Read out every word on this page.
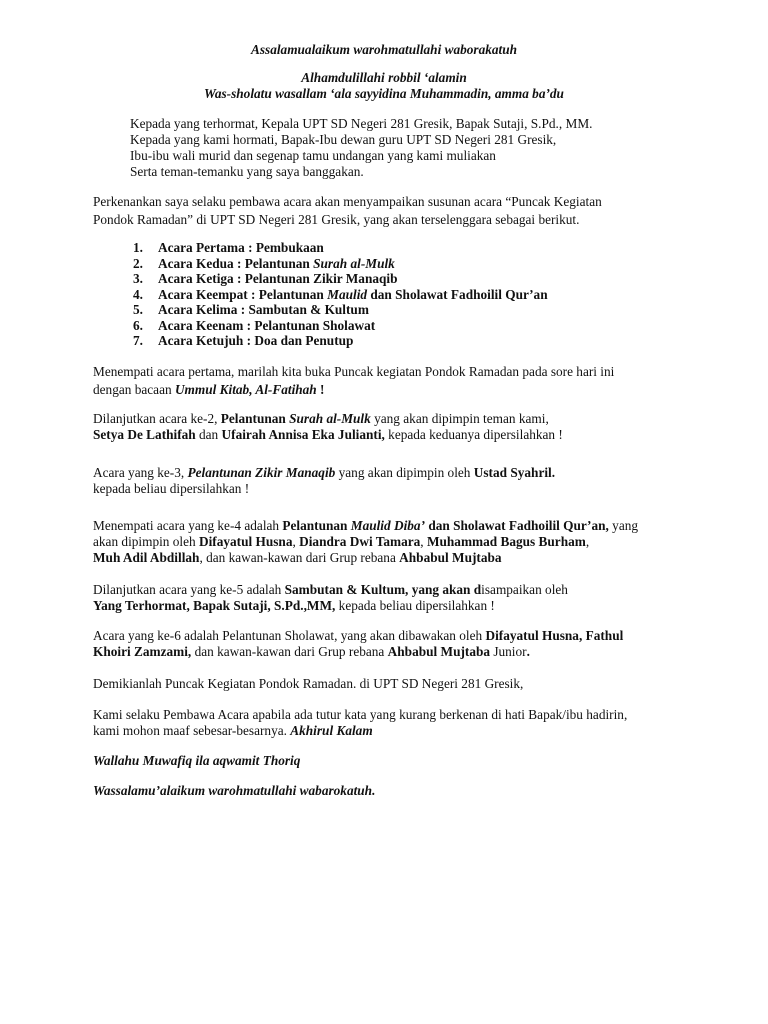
Assalamualaikum warohmatullahi waborakatuh
Alhamdulillahi robbil ‘alamin
Was-sholatu wasallam ‘ala sayyidina Muhammadin, amma ba’du
Kepada yang terhormat, Kepala UPT SD Negeri 281 Gresik, Bapak Sutaji, S.Pd., MM.
Kepada yang kami hormati, Bapak-Ibu dewan guru UPT SD Negeri 281 Gresik,
Ibu-ibu wali murid dan segenap tamu undangan yang kami muliakan
Serta teman-temanku yang saya banggakan.
Perkenankan saya selaku pembawa acara akan menyampaikan susunan acara “Puncak Kegiatan
Pondok Ramadan” di UPT SD Negeri 281 Gresik, yang akan terselenggara sebagai berikut.
1. Acara Pertama : Pembukaan
2. Acara Kedua : Pelantunan Surah al-Mulk
3. Acara Ketiga : Pelantunan Zikir Manaqib
4. Acara Keempat : Pelantunan Maulid dan Sholawat Fadhoilil Qur’an
5. Acara Kelima : Sambutan & Kultum
6. Acara Keenam : Pelantunan Sholawat
7. Acara Ketujuh : Doa dan Penutup
Menempati acara pertama, marilah kita buka Puncak kegiatan Pondok Ramadan pada sore hari ini
dengan bacaan Ummul Kitab, Al-Fatihah !
Dilanjutkan acara ke-2, Pelantunan Surah al-Mulk yang akan dipimpin teman kami,
Setya De Lathifah dan Ufairah Annisa Eka Julianti, kepada keduanya dipersilahkan !
Acara yang ke-3, Pelantunan Zikir Manaqib yang akan dipimpin oleh Ustad Syahril.
kepada beliau dipersilahkan !
Menempati acara yang ke-4 adalah Pelantunan Maulid Diba’ dan Sholawat Fadhoilil Qur’an, yang
akan dipimpin oleh Difayatul Husna, Diandra Dwi Tamara, Muhammad Bagus Burham,
Muh Adil Abdillah, dan kawan-kawan dari Grup rebana Ahbabul Mujtaba
Dilanjutkan acara yang ke-5 adalah Sambutan & Kultum, yang akan disampaikan oleh
Yang Terhormat, Bapak Sutaji, S.Pd.,MM, kepada beliau dipersilahkan !
Acara yang ke-6 adalah Pelantunan Sholawat, yang akan dibawakan oleh Difayatul Husna, Fathul
Khoiri Zamzami, dan kawan-kawan dari Grup rebana Ahbabul Mujtaba Junior.
Demikianlah Puncak Kegiatan Pondok Ramadan. di UPT SD Negeri 281 Gresik,
Kami selaku Pembawa Acara apabila ada tutur kata yang kurang berkenan di hati Bapak/ibu hadirin,
kami mohon maaf sebesar-besarnya. Akhirul Kalam
Wallahu Muwafiq ila aqwamit Thoriq
Wassalamu’alaikum warohmatullahi wabarokatuh.
